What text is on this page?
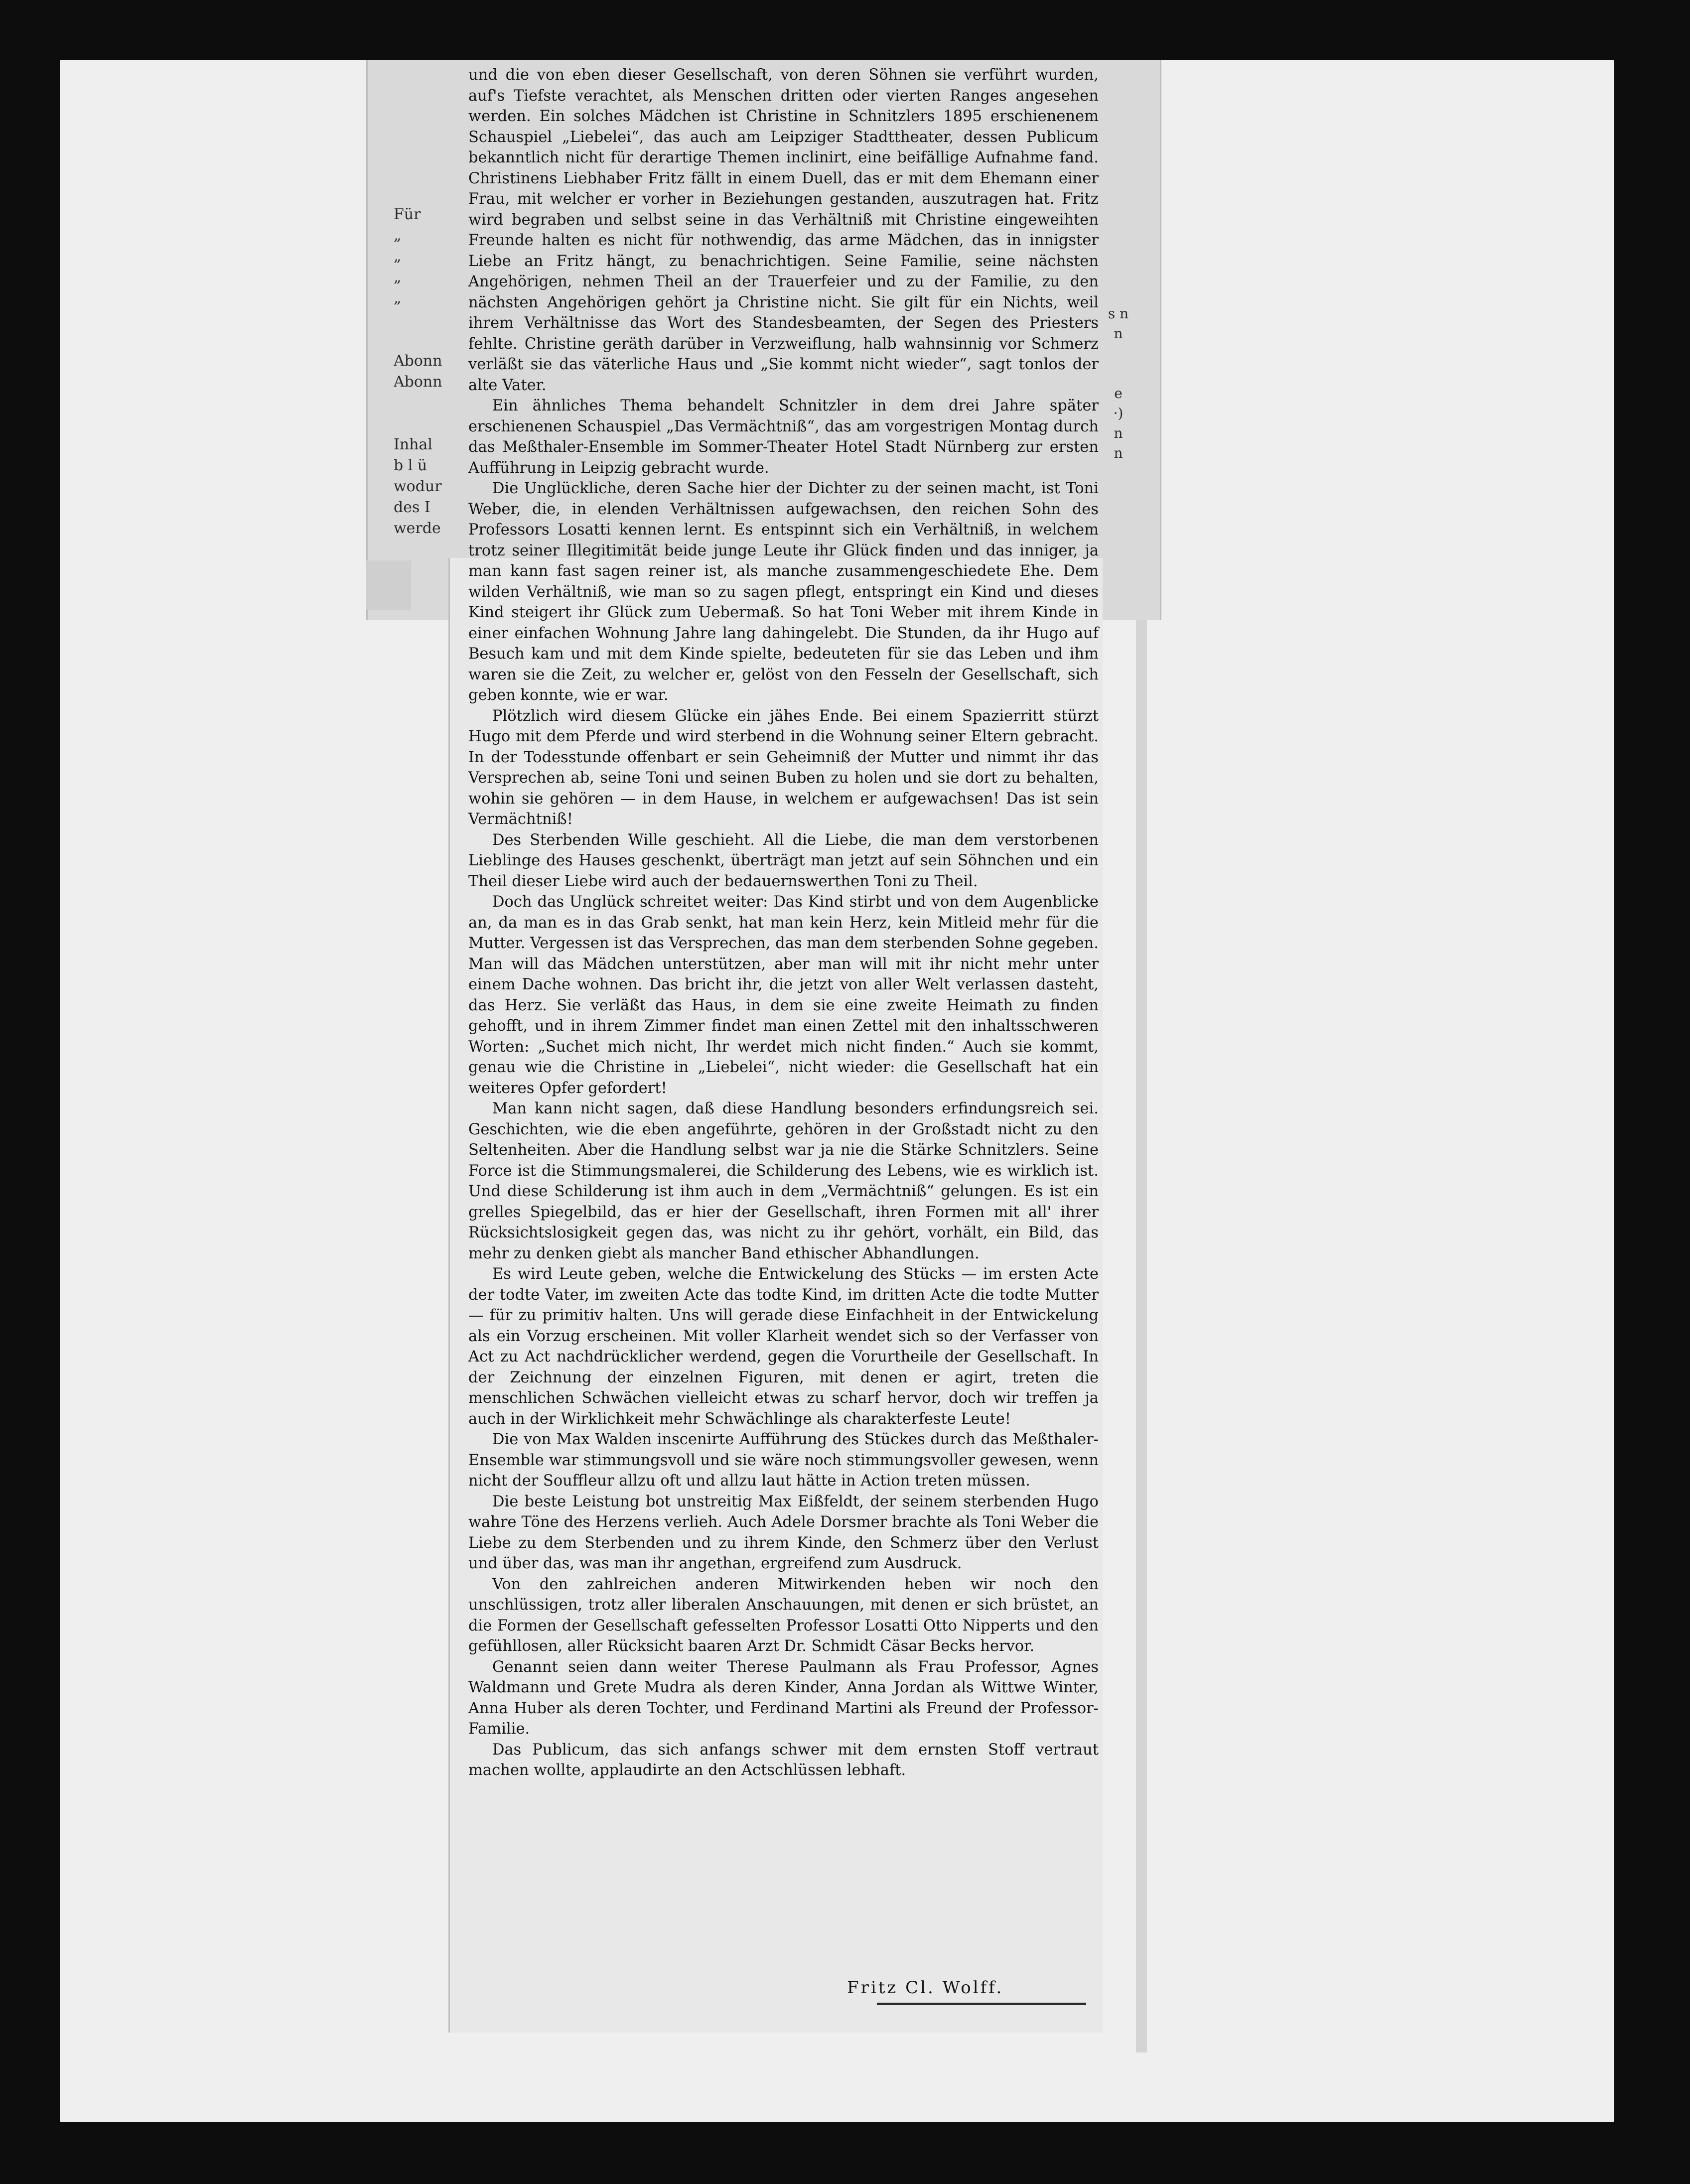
Für
„
„
„
„

Abonn
Abonn

Inhal
b l ü
wodur
des I
werde
s n
n

e
·)
n
n

und die von eben dieser Gesellschaft, von deren Söhnen sie verführt wurden, auf's Tiefste verachtet, als Menschen dritten oder vierten Ranges angesehen werden. Ein solches Mädchen ist Christine in Schnitzlers 1895 erschienenem Schauspiel „Liebelei“, das auch am Leipziger Stadttheater, dessen Publicum bekanntlich nicht für derartige Themen inclinirt, eine beifällige Aufnahme fand. Christinens Liebhaber Fritz fällt in einem Duell, das er mit dem Ehemann einer Frau, mit welcher er vorher in Beziehungen gestanden, auszutragen hat. Fritz wird begraben und selbst seine in das Verhältniß mit Christine eingeweihten Freunde halten es nicht für nothwendig, das arme Mädchen, das in innigster Liebe an Fritz hängt, zu benachrichtigen. Seine Familie, seine nächsten Angehörigen, nehmen Theil an der Trauerfeier und zu der Familie, zu den nächsten Angehörigen gehört ja Christine nicht. Sie gilt für ein Nichts, weil ihrem Verhältnisse das Wort des Standesbeamten, der Segen des Priesters fehlte. Christine geräth darüber in Verzweiflung, halb wahnsinnig vor Schmerz verläßt sie das väterliche Haus und „Sie kommt nicht wieder“, sagt tonlos der alte Vater.

Ein ähnliches Thema behandelt Schnitzler in dem drei Jahre später erschienenen Schauspiel „Das Vermächtniß“, das am vorgestrigen Montag durch das Meßthaler-Ensemble im Sommer-Theater Hotel Stadt Nürnberg zur ersten Aufführung in Leipzig gebracht wurde.

Die Unglückliche, deren Sache hier der Dichter zu der seinen macht, ist Toni Weber, die, in elenden Verhältnissen aufgewachsen, den reichen Sohn des Professors Losatti kennen lernt. Es entspinnt sich ein Verhältniß, in welchem trotz seiner Illegitimität beide junge Leute ihr Glück finden und das inniger, ja man kann fast sagen reiner ist, als manche zusammengeschiedete Ehe. Dem wilden Verhältniß, wie man so zu sagen pflegt, entspringt ein Kind und dieses Kind steigert ihr Glück zum Uebermaß. So hat Toni Weber mit ihrem Kinde in einer einfachen Wohnung Jahre lang dahingelebt. Die Stunden, da ihr Hugo auf Besuch kam und mit dem Kinde spielte, bedeuteten für sie das Leben und ihm waren sie die Zeit, zu welcher er, gelöst von den Fesseln der Gesellschaft, sich geben konnte, wie er war.

Plötzlich wird diesem Glücke ein jähes Ende. Bei einem Spazierritt stürzt Hugo mit dem Pferde und wird sterbend in die Wohnung seiner Eltern gebracht. In der Todesstunde offenbart er sein Geheimniß der Mutter und nimmt ihr das Versprechen ab, seine Toni und seinen Buben zu holen und sie dort zu behalten, wohin sie gehören — in dem Hause, in welchem er aufgewachsen! Das ist sein Vermächtniß!

Des Sterbenden Wille geschieht. All die Liebe, die man dem verstorbenen Lieblinge des Hauses geschenkt, überträgt man jetzt auf sein Söhnchen und ein Theil dieser Liebe wird auch der bedauernswerthen Toni zu Theil.

Doch das Unglück schreitet weiter: Das Kind stirbt und von dem Augenblicke an, da man es in das Grab senkt, hat man kein Herz, kein Mitleid mehr für die Mutter. Vergessen ist das Versprechen, das man dem sterbenden Sohne gegeben. Man will das Mädchen unterstützen, aber man will mit ihr nicht mehr unter einem Dache wohnen. Das bricht ihr, die jetzt von aller Welt verlassen dasteht, das Herz. Sie verläßt das Haus, in dem sie eine zweite Heimath zu finden gehofft, und in ihrem Zimmer findet man einen Zettel mit den inhaltsschweren Worten: „Suchet mich nicht, Ihr werdet mich nicht finden.“ Auch sie kommt, genau wie die Christine in „Liebelei“, nicht wieder: die Gesellschaft hat ein weiteres Opfer gefordert!

Man kann nicht sagen, daß diese Handlung besonders erfindungsreich sei. Geschichten, wie die eben angeführte, gehören in der Großstadt nicht zu den Seltenheiten. Aber die Handlung selbst war ja nie die Stärke Schnitzlers. Seine Force ist die Stimmungsmalerei, die Schilderung des Lebens, wie es wirklich ist. Und diese Schilderung ist ihm auch in dem „Vermächtniß“ gelungen. Es ist ein grelles Spiegelbild, das er hier der Gesellschaft, ihren Formen mit all' ihrer Rücksichtslosigkeit gegen das, was nicht zu ihr gehört, vorhält, ein Bild, das mehr zu denken giebt als mancher Band ethischer Abhandlungen.

Es wird Leute geben, welche die Entwickelung des Stücks — im ersten Acte der todte Vater, im zweiten Acte das todte Kind, im dritten Acte die todte Mutter — für zu primitiv halten. Uns will gerade diese Einfachheit in der Entwickelung als ein Vorzug erscheinen. Mit voller Klarheit wendet sich so der Verfasser von Act zu Act nachdrücklicher werdend, gegen die Vorurtheile der Gesellschaft. In der Zeichnung der einzelnen Figuren, mit denen er agirt, treten die menschlichen Schwächen vielleicht etwas zu scharf hervor, doch wir treffen ja auch in der Wirklichkeit mehr Schwächlinge als charakterfeste Leute!

Die von Max Walden inscenirte Aufführung des Stückes durch das Meßthaler-Ensemble war stimmungsvoll und sie wäre noch stimmungsvoller gewesen, wenn nicht der Souffleur allzu oft und allzu laut hätte in Action treten müssen.

Die beste Leistung bot unstreitig Max Eißfeldt, der seinem sterbenden Hugo wahre Töne des Herzens verlieh. Auch Adele Dorsmer brachte als Toni Weber die Liebe zu dem Sterbenden und zu ihrem Kinde, den Schmerz über den Verlust und über das, was man ihr angethan, ergreifend zum Ausdruck.

Von den zahlreichen anderen Mitwirkenden heben wir noch den unschlüssigen, trotz aller liberalen Anschauungen, mit denen er sich brüstet, an die Formen der Gesellschaft gefesselten Professor Losatti Otto Nipperts und den gefühllosen, aller Rücksicht baaren Arzt Dr. Schmidt Cäsar Becks hervor.

Genannt seien dann weiter Therese Paulmann als Frau Professor, Agnes Waldmann und Grete Mudra als deren Kinder, Anna Jordan als Wittwe Winter, Anna Huber als deren Tochter, und Ferdinand Martini als Freund der Professor-Familie.

Das Publicum, das sich anfangs schwer mit dem ernsten Stoff vertraut machen wollte, applaudirte an den Actschlüssen lebhaft.

Fritz Cl. Wolff.
